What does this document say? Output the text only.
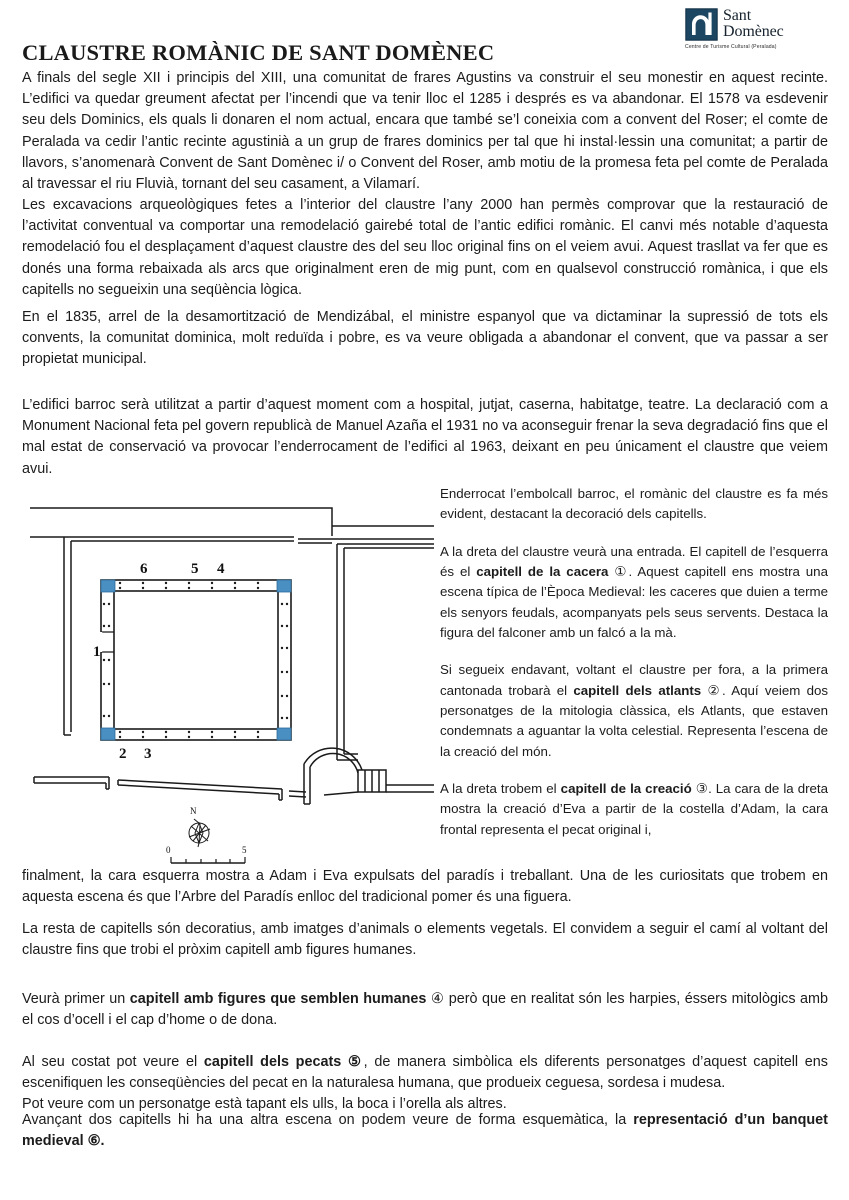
Sant
Domènec
Centre de Turisme Cultural (Peralada)
CLAUSTRE ROMÀNIC DE SANT DOMÈNEC

A finals del segle XII i principis del XIII, una comunitat de frares Agustins va construir el seu monestir en aquest recinte. L’edifici va quedar greument afectat per l’incendi que va tenir lloc el 1285 i després es va abandonar. El 1578 va esdevenir seu dels Dominics, els quals li donaren el nom actual, encara que també se’l coneixia com a convent del Roser; el comte de Peralada va cedir l’antic recinte agustinià a un grup de frares dominics per tal que hi instal·lessin una comunitat; a partir de llavors, s’anomenarà Convent de Sant Domènec i/ o Convent del Roser, amb motiu de la promesa feta pel comte de Peralada al travessar el riu Fluvià, tornant del seu casament, a Vilamarí.

Les excavacions arqueològiques fetes a l’interior del claustre l’any 2000 han permès comprovar que la restauració de l’activitat conventual va comportar una remodelació gairebé total de l’antic edifici romànic. El canvi més notable d’aquesta remodelació fou el desplaçament d’aquest claustre des del seu lloc original fins on el veiem avui. Aquest trasllat va fer que es donés una forma rebaixada als arcs que originalment eren de mig punt, com en qualsevol construcció romànica, i que els capitells no segueixin una seqüència lògica.

En el 1835, arrel de la desamortització de Mendizábal, el ministre espanyol que va dictaminar la supressió de tots els convents, la comunitat dominica, molt reduïda i pobre, es va veure obligada a abandonar el convent, que va passar a ser propietat municipal.

L’edifici barroc serà utilitzat a partir d’aquest moment com a hospital, jutjat, caserna, habitatge, teatre. La declaració com a Monument Nacional feta pel govern republicà de Manuel Azaña el 1931 no va aconseguir frenar la seva degradació fins que el mal estat de conservació va provocar l’enderrocament de l’edifici al 1963, deixant en peu únicament el claustre que veiem avui.

1
2 3
4
5
6
N
0	5

Enderrocat l’embolcall barroc, el romànic del claustre es fa més evident, destacant la decoració dels capitells.

A la dreta del claustre veurà una entrada. El capitell de l’esquerra és el capitell de la cacera ①. Aquest capitell ens mostra una escena típica de l’Època Medieval: les caceres que duien a terme els senyors feudals, acompanyats pels seus servents. Destaca la figura del falconer amb un falcó a la mà.

Si segueix endavant, voltant el claustre per fora, a la primera cantonada trobarà el capitell dels atlants ②. Aquí veiem dos personatges de la mitologia clàssica, els Atlants, que estaven condemnats a aguantar la volta celestial. Representa l’escena de la creació del món.

A la dreta trobem el capitell de la creació ③. La cara de la dreta mostra la creació d’Eva a partir de la costella d’Adam, la cara frontal representa el pecat original i,

finalment, la cara esquerra mostra a Adam i Eva expulsats del paradís i treballant. Una de les curiositats que trobem en aquesta escena és que l’Arbre del Paradís enlloc del tradicional pomer és una figuera.

La resta de capitells són decoratius, amb imatges d’animals o elements vegetals. El convidem a seguir el camí al voltant del claustre fins que trobi el pròxim capitell amb figures humanes.

Veurà primer un capitell amb figures que semblen humanes ④ però que en realitat són les harpies, éssers mitològics amb el cos d’ocell i el cap d’home o de dona.

Al seu costat pot veure el capitell dels pecats ⑤, de manera simbòlica els diferents personatges d’aquest capitell ens escenifiquen les conseqüències del pecat en la naturalesa humana, que produeix ceguesa, sordesa i mudesa.

Pot veure com un personatge està tapant els ulls, la boca i l’orella als altres.

Avançant dos capitells hi ha una altra escena on podem veure de forma esquemàtica, la representació d’un banquet medieval ⑥.
